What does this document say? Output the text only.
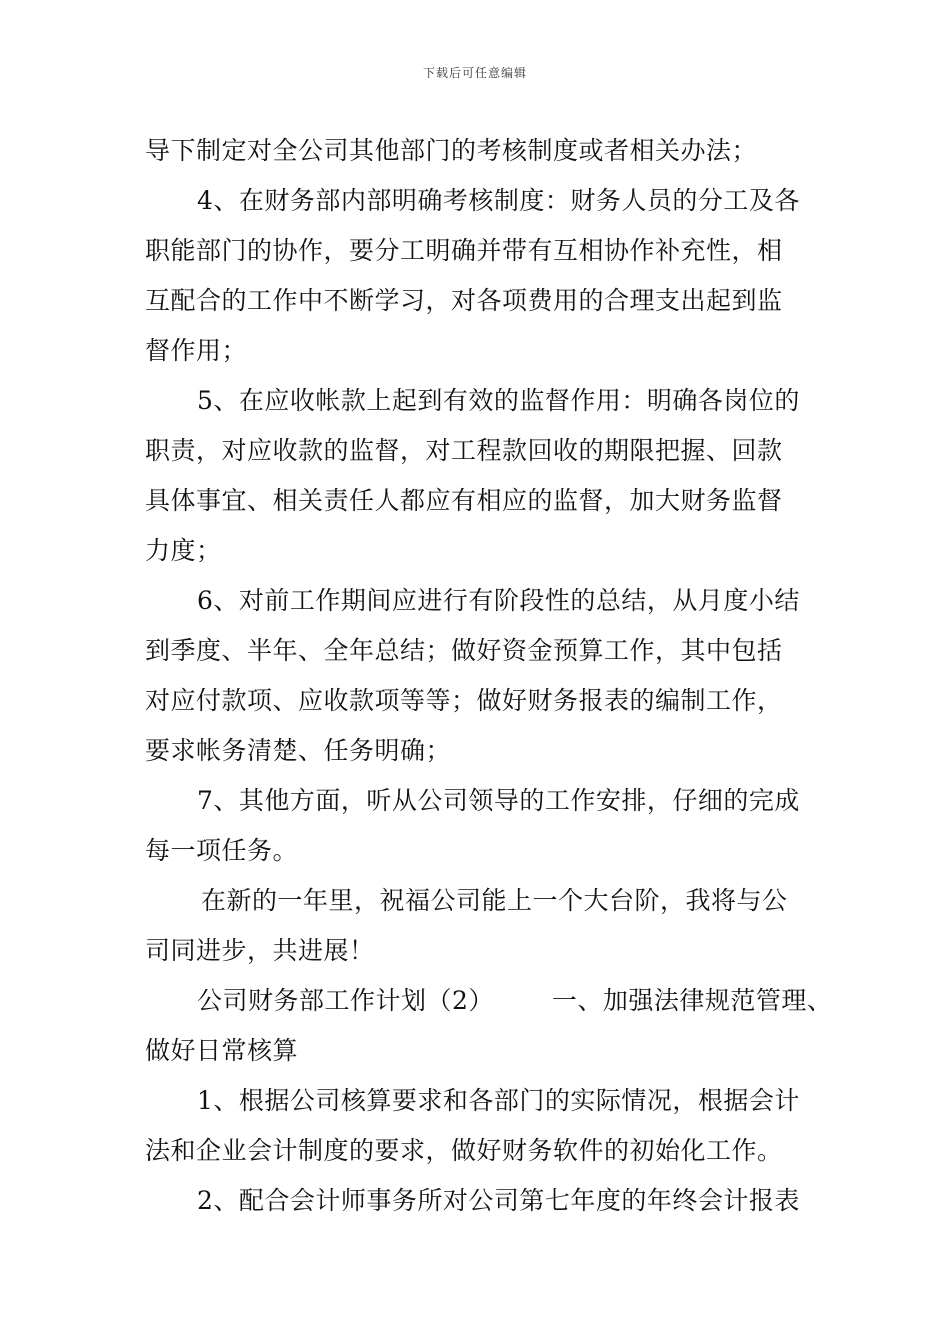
下载后可任意编辑
导下制定对全公司其他部门的考核制度或者相关办法；
4、在财务部内部明确考核制度：财务人员的分工及各
职能部门的协作，要分工明确并带有互相协作补充性，相
互配合的工作中不断学习，对各项费用的合理支出起到监
督作用；
5、在应收帐款上起到有效的监督作用：明确各岗位的
职责，对应收款的监督，对工程款回收的期限把握、回款
具体事宜、相关责任人都应有相应的监督，加大财务监督
力度；
6、对前工作期间应进行有阶段性的总结，从月度小结
到季度、半年、全年总结；做好资金预算工作，其中包括
对应付款项、应收款项等等；做好财务报表的编制工作，
要求帐务清楚、任务明确；
7、其他方面，听从公司领导的工作安排，仔细的完成
每一项任务。
在新的一年里，祝福公司能上一个大台阶，我将与公
司同进步，共进展！
公司财务部工作计划（2） 一、加强法律规范管理、
做好日常核算
1、根据公司核算要求和各部门的实际情况，根据会计
法和企业会计制度的要求，做好财务软件的初始化工作。
2、配合会计师事务所对公司第七年度的年终会计报表
